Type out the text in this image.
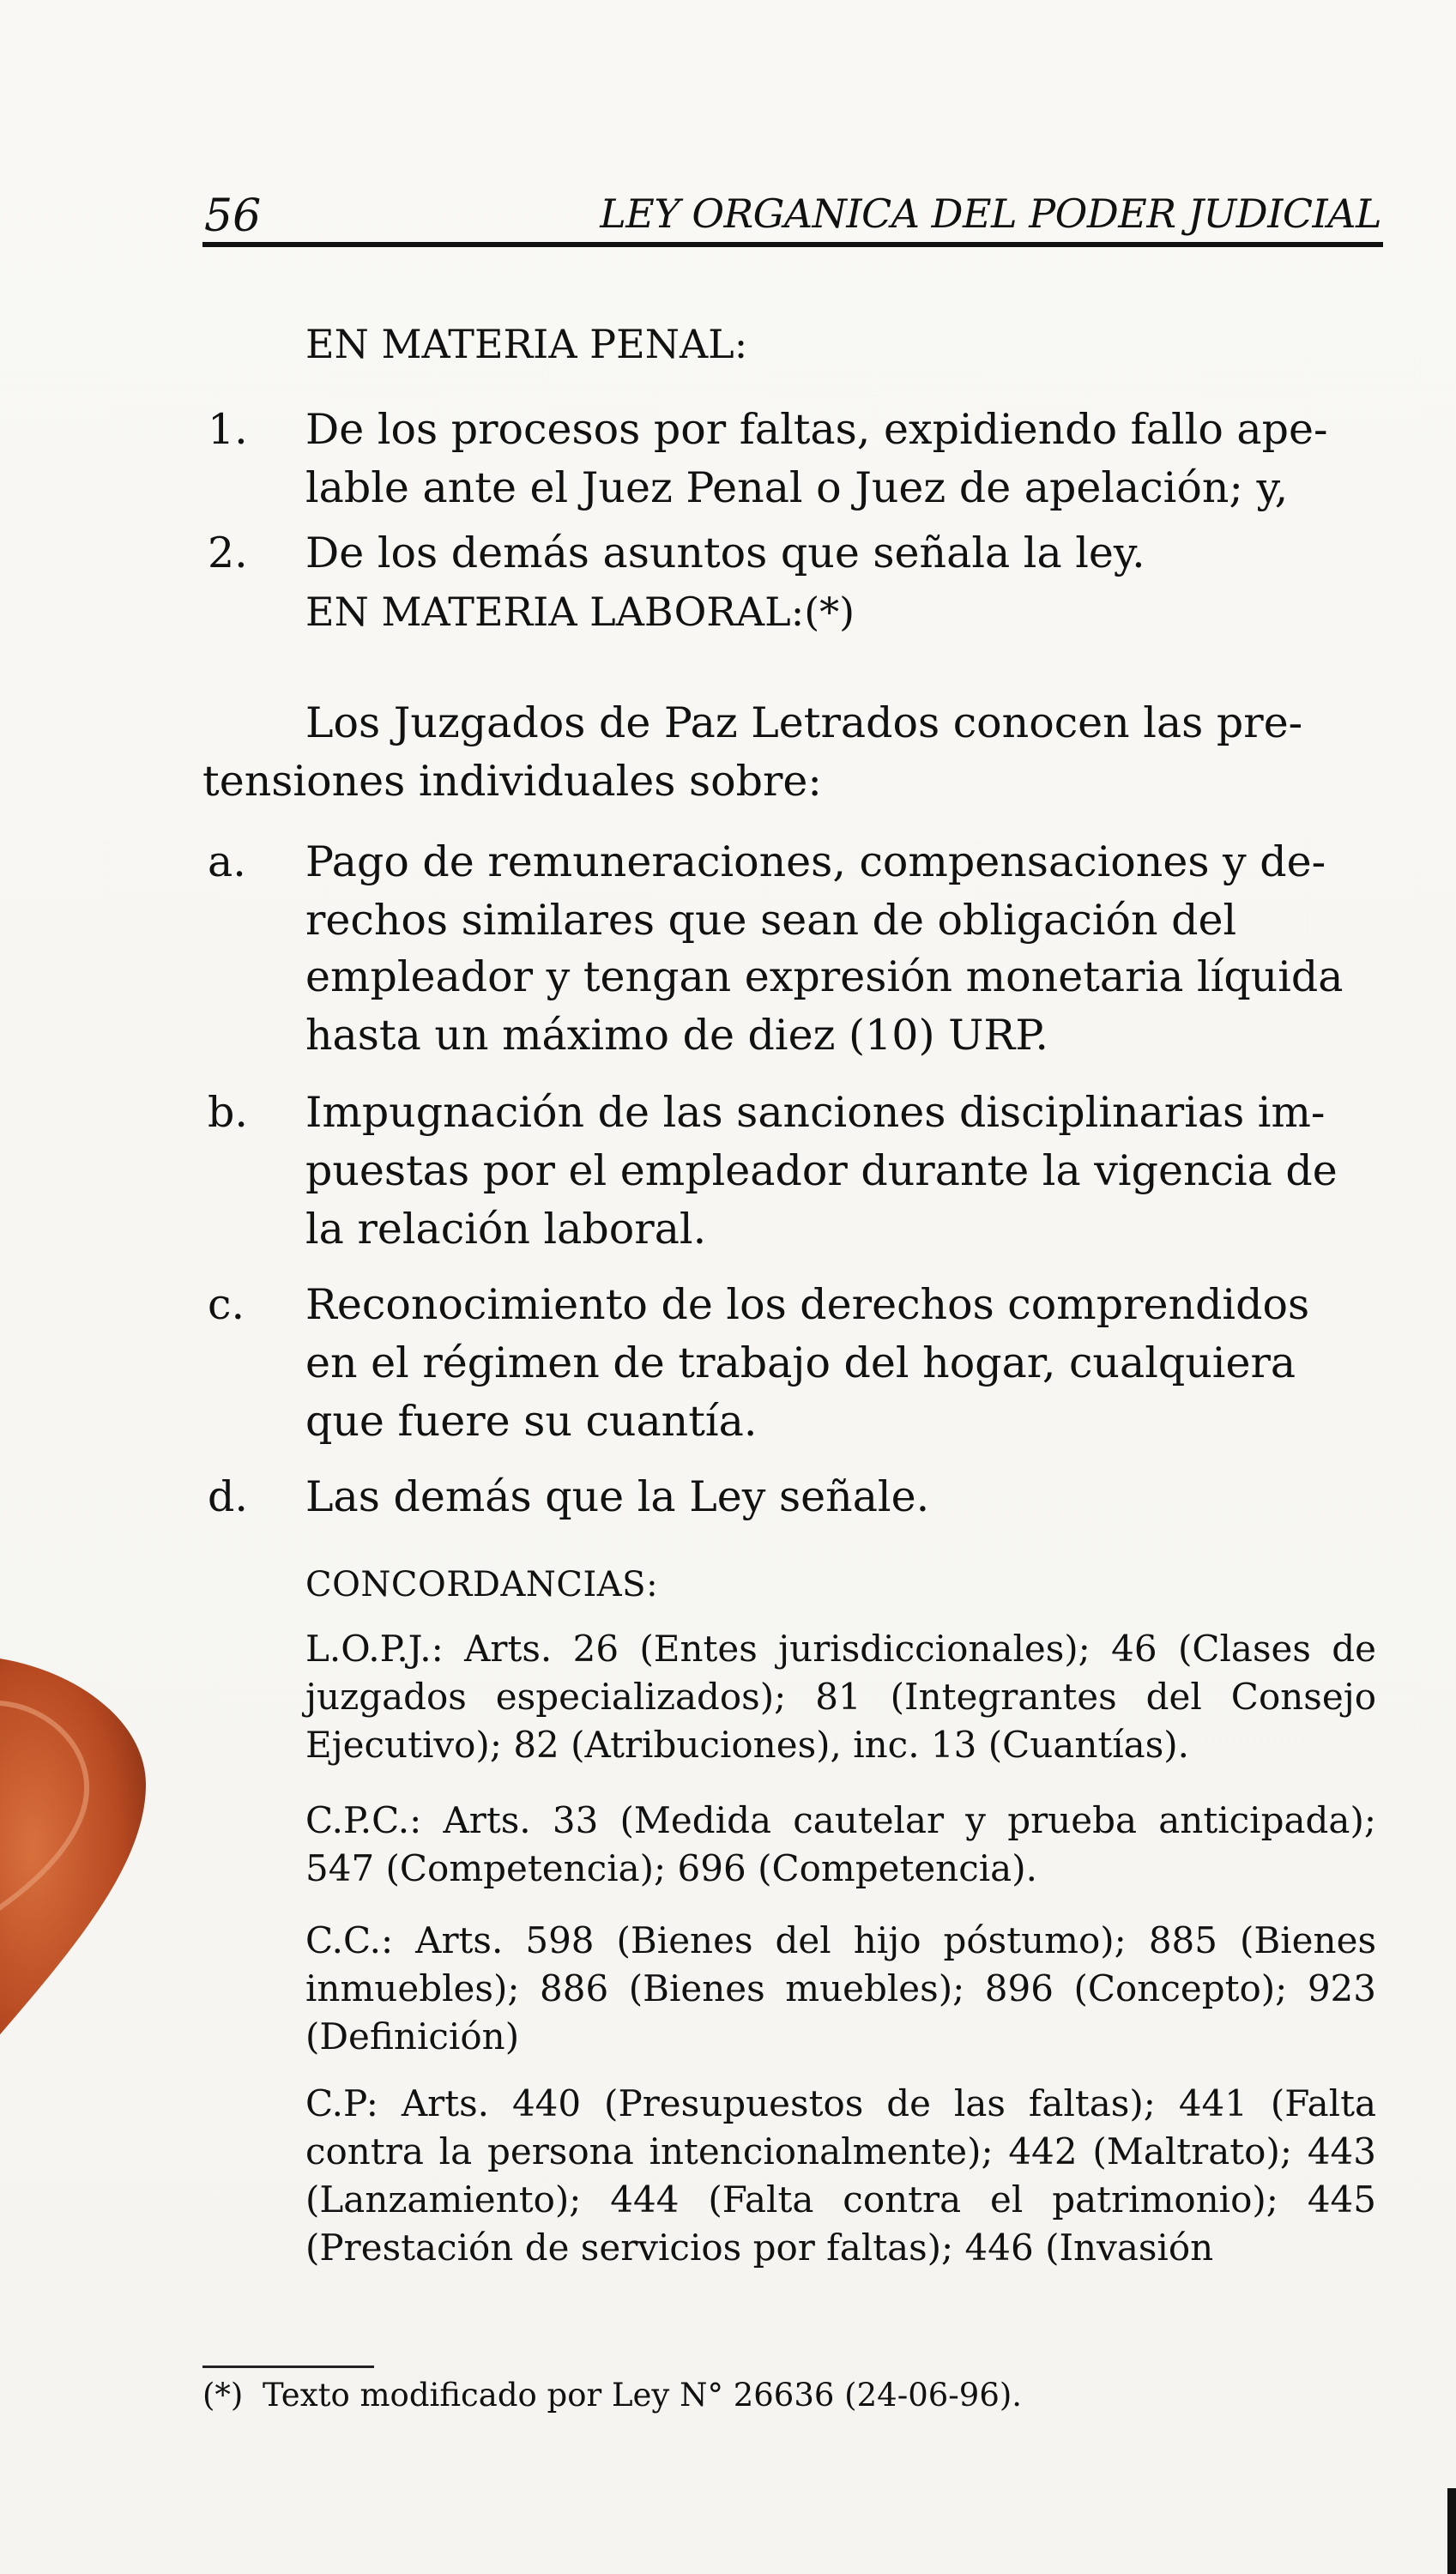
56	LEY ORGANICA DEL PODER JUDICIAL
EN MATERIA PENAL:
1. De los procesos por faltas, expidiendo fallo ape-
lable ante el Juez Penal o Juez de apelación; y,
2. De los demás asuntos que señala la ley.
EN MATERIA LABORAL:(*)
Los Juzgados de Paz Letrados conocen las pre-
tensiones individuales sobre:
a. Pago de remuneraciones, compensaciones y de-
rechos similares que sean de obligación del
empleador y tengan expresión monetaria líquida
hasta un máximo de diez (10) URP.
b. Impugnación de las sanciones disciplinarias im-
puestas por el empleador durante la vigencia de
la relación laboral.
c. Reconocimiento de los derechos comprendidos
en el régimen de trabajo del hogar, cualquiera
que fuere su cuantía.
d. Las demás que la Ley señale.
CONCORDANCIAS:
L.O.P.J.: Arts. 26 (Entes jurisdiccionales); 46 (Clases de juzgados especializados); 81 (Integrantes del Consejo Ejecutivo); 82 (Atribuciones), inc. 13 (Cuantías).
C.P.C.: Arts. 33 (Medida cautelar y prueba anticipada); 547 (Competencia); 696 (Competencia).
C.C.: Arts. 598 (Bienes del hijo póstumo); 885 (Bienes inmuebles); 886 (Bienes muebles); 896 (Concepto); 923 (Definición)
C.P: Arts. 440 (Presupuestos de las faltas); 441 (Falta contra la persona intencionalmente); 442 (Maltrato); 443 (Lanzamiento); 444 (Falta contra el patrimonio); 445 (Prestación de servicios por faltas); 446 (Invasión
(*) Texto modificado por Ley N° 26636 (24-06-96).
